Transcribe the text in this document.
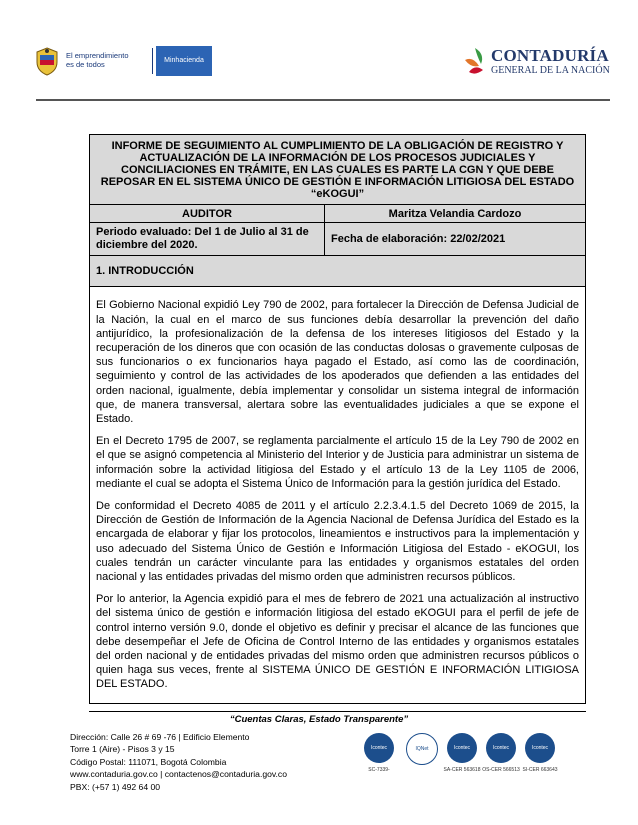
El emprendimiento
es de todos	Minhacienda	CONTADURÍA
GENERAL DE LA NACIÓN
INFORME DE SEGUIMIENTO AL CUMPLIMIENTO DE LA OBLIGACIÓN DE REGISTRO Y ACTUALIZACIÓN DE LA INFORMACIÓN DE LOS PROCESOS JUDICIALES Y CONCILIACIONES EN TRÁMITE, EN LAS CUALES ES PARTE LA CGN Y QUE DEBE REPOSAR EN EL SISTEMA ÚNICO DE GESTIÓN E INFORMACIÓN LITIGIOSA DEL ESTADO “eKOGUI”	
AUDITOR	Maritza Velandia Cardozo
Periodo evaluado: Del 1 de Julio al 31 de diciembre del 2020.	Fecha de elaboración: 22/02/2021
1. INTRODUCCIÓN	

El Gobierno Nacional expidió Ley 790 de 2002, para fortalecer la Dirección de Defensa Judicial de la Nación, la cual en el marco de sus funciones debía desarrollar la prevención del daño antijurídico, la profesionalización de la defensa de los intereses litigiosos del Estado y la recuperación de los dineros que con ocasión de las conductas dolosas o gravemente culposas de sus funcionarios o ex funcionarios haya pagado el Estado, así como las de coordinación, seguimiento y control de las actividades de los apoderados que defienden a las entidades del orden nacional, igualmente, debía implementar y consolidar un sistema integral de información que, de manera transversal, alertara sobre las eventualidades judiciales a que se expone el Estado.

En el Decreto 1795 de 2007, se reglamenta parcialmente el artículo 15 de la Ley 790 de 2002 en el que se asignó competencia al Ministerio del Interior y de Justicia para administrar un sistema de información sobre la actividad litigiosa del Estado y el artículo 13 de la Ley 1105 de 2006, mediante el cual se adopta el Sistema Único de Información para la gestión jurídica del Estado.

De conformidad el Decreto 4085 de 2011 y el artículo 2.2.3.4.1.5 del Decreto 1069 de 2015, la Dirección de Gestión de Información de la Agencia Nacional de Defensa Jurídica del Estado es la encargada de elaborar y fijar los protocolos, lineamientos e instructivos para la implementación y uso adecuado del Sistema Único de Gestión e Información Litigiosa del Estado - eKOGUI, los cuales tendrán un carácter vinculante para las entidades y organismos estatales del orden nacional y las entidades privadas del mismo orden que administren recursos públicos.

Por lo anterior, la Agencia expidió para el mes de febrero de 2021 una actualización al instructivo del sistema único de gestión e información litigiosa del estado eKOGUI para el perfil de jefe de control interno versión 9.0, donde el objetivo es definir y precisar el alcance de las funciones que debe desempeñar el Jefe de Oficina de Control Interno de las entidades y organismos estatales del orden nacional y de entidades privadas del mismo orden que administren recursos públicos o quien haga sus veces, frente al SISTEMA ÚNICO DE GESTIÓN E INFORMACIÓN LITIGIOSA DEL ESTADO.	

“Cuentas Claras, Estado Transparente”
Dirección: Calle 26 # 69 -76 | Edificio Elemento
Torre 1 (Aire) - Pisos 3 y 15
Código Postal: 111071, Bogotá Colombia
www.contaduria.gov.co | contactenos@contaduria.gov.co
PBX: (+57 1) 492 64 00
Icontec
SC-7339-
IQNet	Icontec
SA-CER 563618
Icontec
OS-CER 566513
Icontec
SI-CER 663643
